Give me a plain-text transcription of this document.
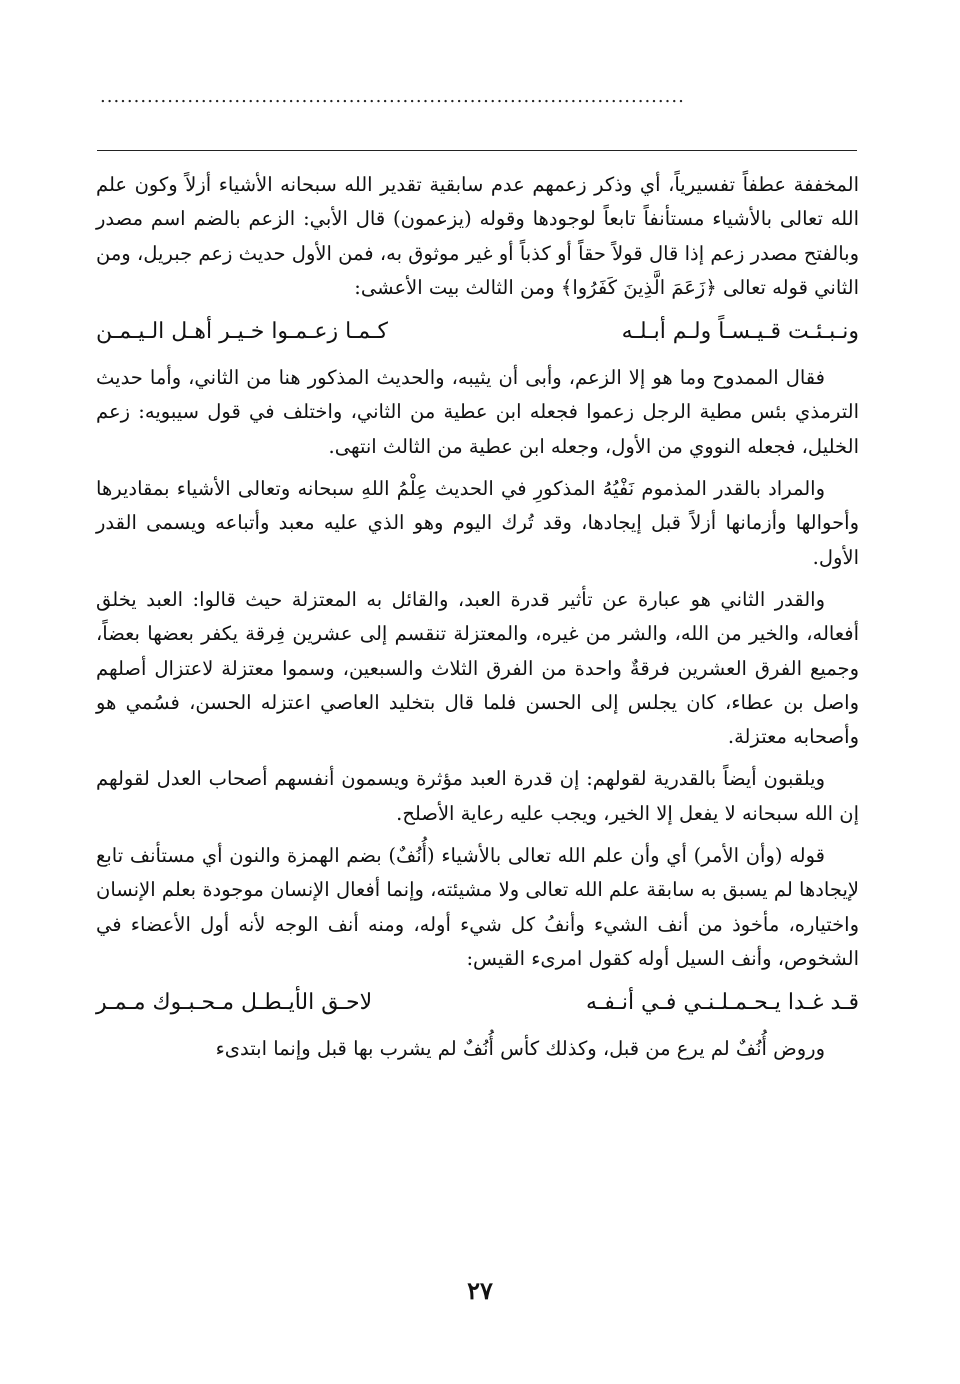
.......................................................................................

المخففة عطفاً تفسيرياً، أي وذكر زعمهم عدم سابقية تقدير الله سبحانه الأشياء أزلاً وكون علم الله تعالى بالأشياء مستأنفاً تابعاً لوجودها وقوله (يزعمون) قال الأبي: الزعم بالضم اسم مصدر وبالفتح مصدر زعم إذا قال قولاً حقاً أو كذباً أو غير موثوق به، فمن الأول حديث زعم جبريل، ومن الثاني قوله تعالى ﴿زَعَمَ الَّذِينَ كَفَرُوا﴾ ومن الثالث بيت الأعشى:

ونـبـئـت قـيـسـاً ولـم أبـلـه
كـمـا زعـمـوا خـيـر أهـل الـيـمـن

فقال الممدوح وما هو إلا الزعم، وأبى أن يثيبه، والحديث المذكور هنا من الثاني، وأما حديث الترمذي بئس مطية الرجل زعموا فجعله ابن عطية من الثاني، واختلف في قول سيبويه: زعم الخليل، فجعله النووي من الأول، وجعله ابن عطية من الثالث انتهى.

والمراد بالقدر المذموم نَفْيُهُ المذكورِ في الحديث عِلْمُ اللهِ سبحانه وتعالى الأشياء بمقاديرها وأحوالها وأزمانها أزلاً قبل إيجادها، وقد تُرك اليوم وهو الذي عليه معبد وأتباعه ويسمى القدر الأول.

والقدر الثاني هو عبارة عن تأثير قدرة العبد، والقائل به المعتزلة حيث قالوا: العبد يخلق أفعاله، والخير من الله، والشر من غيره، والمعتزلة تنقسم إلى عشرين فِرقة يكفر بعضها بعضاً، وجميع الفرق العشرين فرقةٌ واحدة من الفرق الثلاث والسبعين، وسموا معتزلة لاعتزال أصلهم واصل بن عطاء، كان يجلس إلى الحسن فلما قال بتخليد العاصي اعتزله الحسن، فسُمي هو وأصحابه معتزلة.

ويلقبون أيضاً بالقدرية لقولهم: إن قدرة العبد مؤثرة ويسمون أنفسهم أصحاب العدل لقولهم إن الله سبحانه لا يفعل إلا الخير، ويجب عليه رعاية الأصلح.

قوله (وأن الأمر) أي وأن علم الله تعالى بالأشياء (أُنُفٌ) بضم الهمزة والنون أي مستأنف تابع لإيجادها لم يسبق به سابقة علم الله تعالى ولا مشيئته، وإنما أفعال الإنسان موجودة بعلم الإنسان واختياره، مأخوذ من أنف الشيء وأنفُ كل شيء أوله، ومنه أنف الوجه لأنه أول الأعضاء في الشخوص، وأنف السيل أوله كقول امرىء القيس:

قـد غـدا يـحـمـلـنـي فـي أنـفـه
لاحـق الأيـطـل مـحـبـوك مـمـر

وروض أُنُفٌ لم يرع من قبل، وكذلك كأس أُنُفٌ لم يشرب بها قبل وإنما ابتدىء

٢٧
